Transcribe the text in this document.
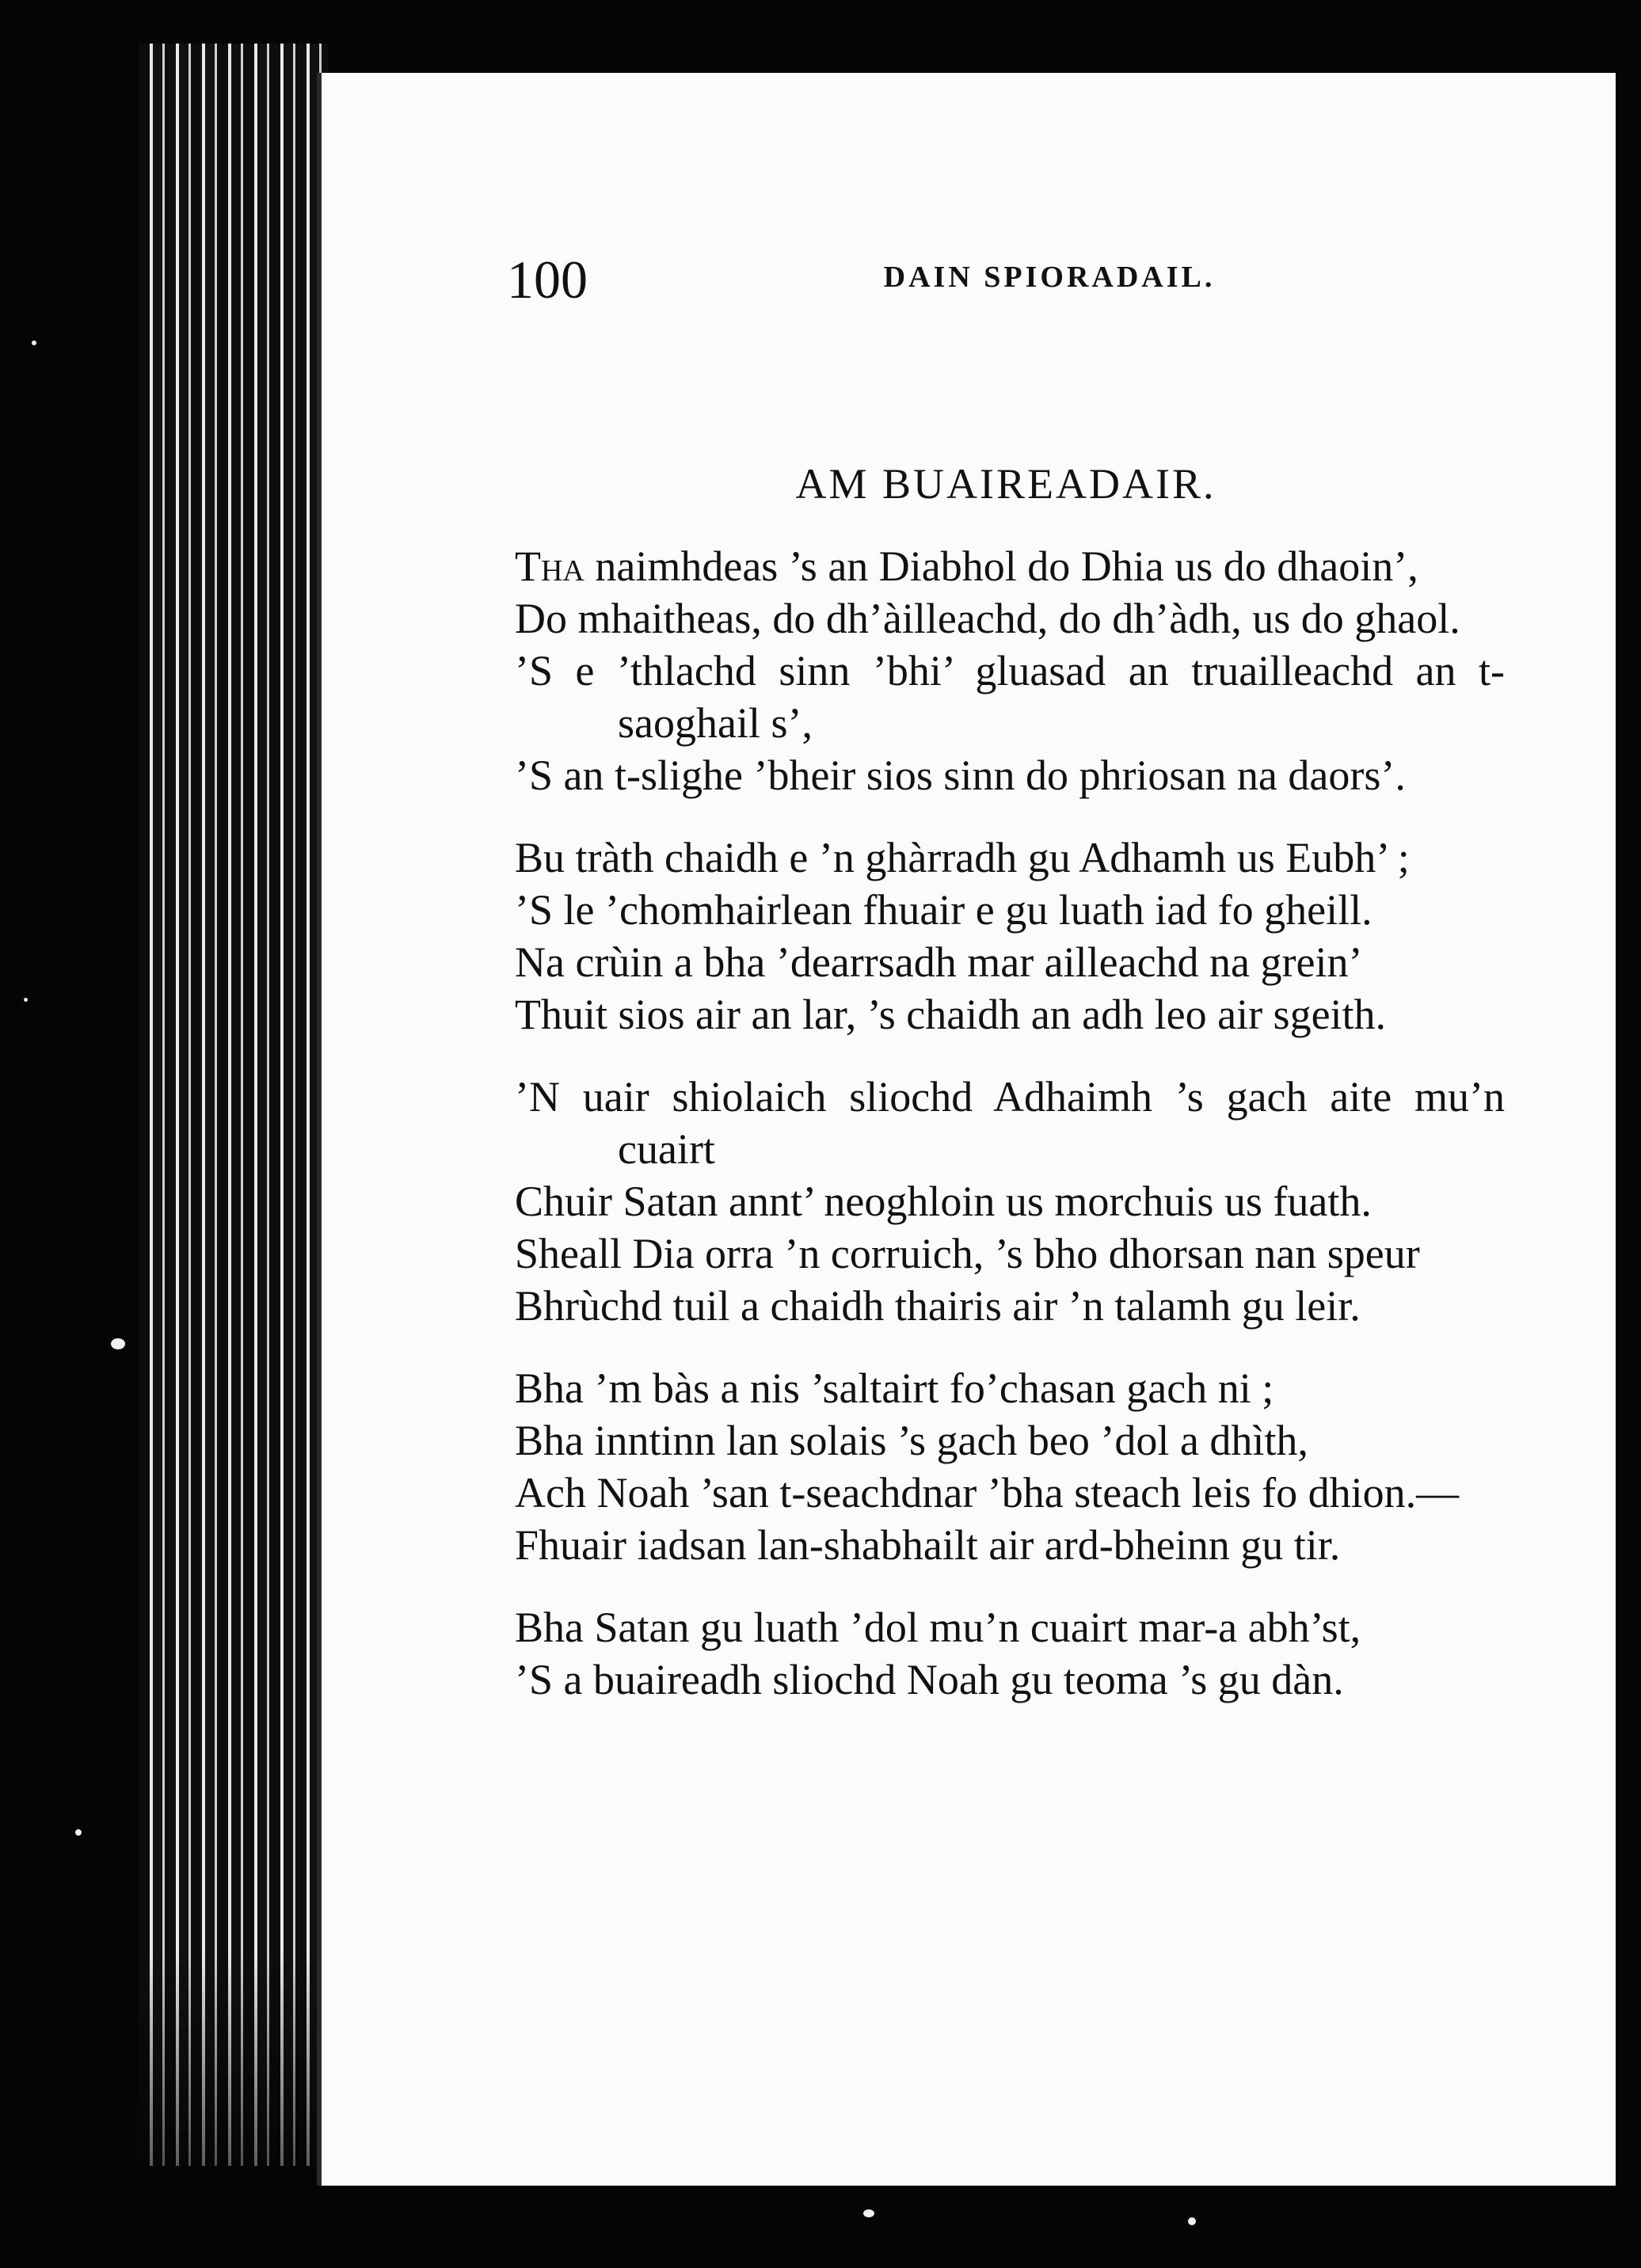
100	DAIN SPIORADAIL.
AM BUAIREADAIR.
Tha naimhdeas ’s an Diabhol do Dhia us do dhaoin’,
Do mhaitheas, do dh’àilleachd, do dh’àdh, us do ghaol.
’S e ’thlachd sinn ’bhi’ gluasad an truailleachd an t-saoghail s’,
’S an t-slighe ’bheir sios sinn do phriosan na daors’.
Bu tràth chaidh e ’n ghàrradh gu Adhamh us Eubh’ ;
’S le ’chomhairlean fhuair e gu luath iad fo gheill.
Na crùin a bha ’dearrsadh mar ailleachd na grein’
Thuit sios air an lar, ’s chaidh an adh leo air sgeith.
’N uair shiolaich sliochd Adhaimh ’s gach aite mu’n cuairt
Chuir Satan annt’ neoghloin us morchuis us fuath.
Sheall Dia orra ’n corruich, ’s bho dhorsan nan speur
Bhrùchd tuil a chaidh thairis air ’n talamh gu leir.
Bha ’m bàs a nis ’saltairt fo’chasan gach ni ;
Bha inntinn lan solais ’s gach beo ’dol a dhìth,
Ach Noah ’san t-seachdnar ’bha steach leis fo dhion.—
Fhuair iadsan lan-shabhailt air ard-bheinn gu tir.
Bha Satan gu luath ’dol mu’n cuairt mar-a abh’st,
’S a buaireadh sliochd Noah gu teoma ’s gu dàn.
